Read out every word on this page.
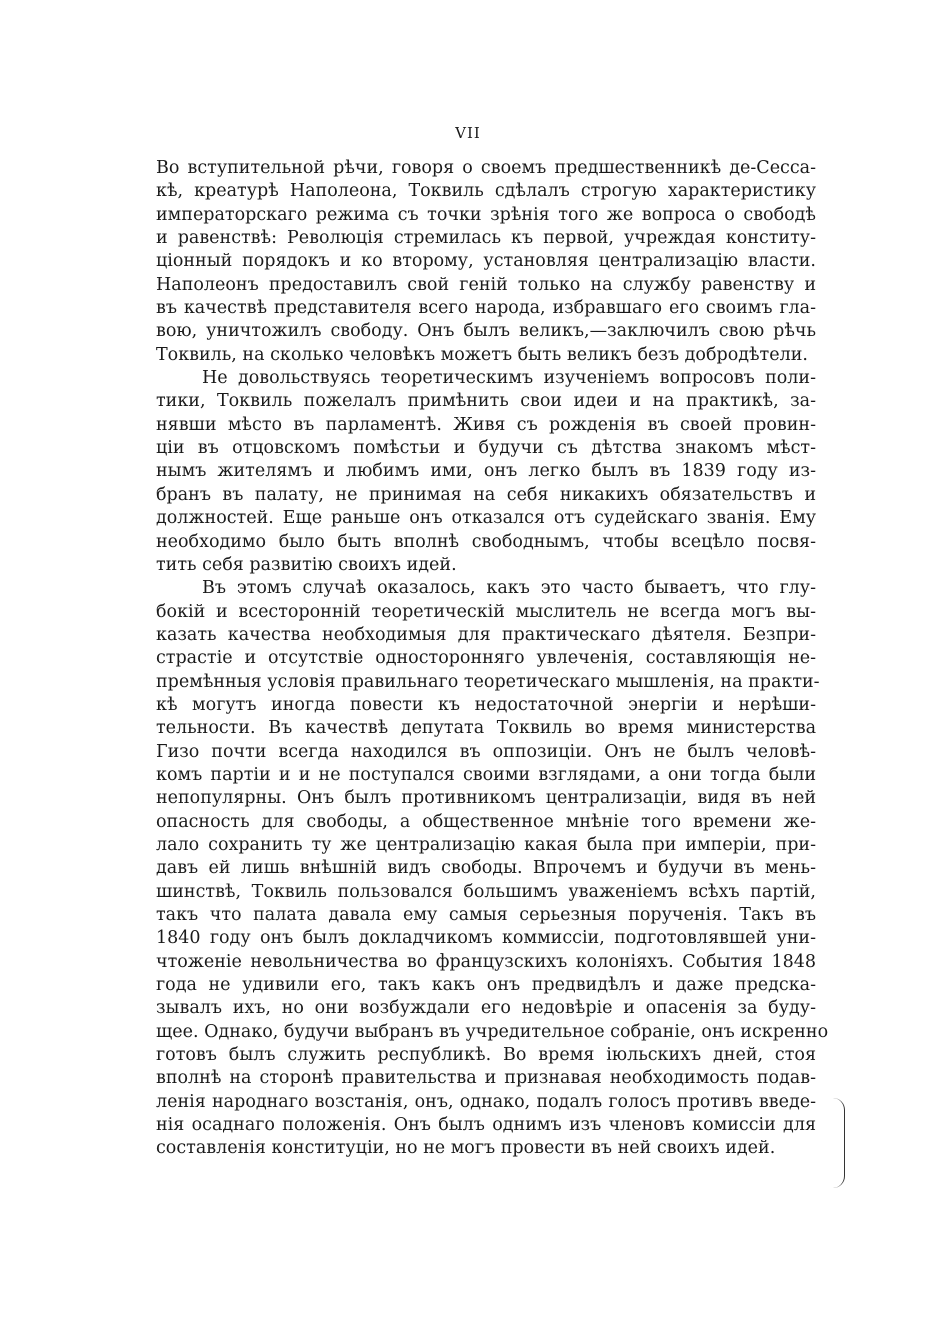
VII
Во вступительной рѣчи, говоря о своемъ предшественникѣ де-Сесса-
кѣ, креатурѣ Наполеона, Токвиль сдѣлалъ строгую характеристику
императорскаго режима съ точки зрѣнія того же вопроса о свободѣ
и равенствѣ: Революція стремилась къ первой, учреждая конститу-
ціонный порядокъ и ко второму, установляя централизацію власти.
Наполеонъ предоставилъ свой геній только на службу равенству и
въ качествѣ представителя всего народа, избравшаго его своимъ гла-
вою, уничтожилъ свободу. Онъ былъ великъ,—заключилъ свою рѣчь
Токвиль, на сколько человѣкъ можетъ быть великъ безъ добродѣтели.
Не довольствуясь теоретическимъ изученіемъ вопросовъ поли-
тики, Токвиль пожелалъ примѣнить свои идеи и на практикѣ, за-
нявши мѣсто въ парламентѣ. Живя съ рожденія въ своей провин-
ціи въ отцовскомъ помѣстьи и будучи съ дѣтства знакомъ мѣст-
нымъ жителямъ и любимъ ими, онъ легко былъ въ 1839 году из-
бранъ въ палату, не принимая на себя никакихъ обязательствъ и
должностей. Еще раньше онъ отказался отъ судейскаго званія. Ему
необходимо было быть вполнѣ свободнымъ, чтобы всецѣло посвя-
тить себя развитію своихъ идей.
Въ этомъ случаѣ оказалось, какъ это часто бываетъ, что глу-
бокій и всесторонній теоретическій мыслитель не всегда могъ вы-
казать качества необходимыя для практическаго дѣятеля. Безпри-
страстіе и отсутствіе односторонняго увлеченія, составляющія не-
премѣнныя условія правильнаго теоретическаго мышленія, на практи-
кѣ могутъ иногда повести къ недостаточной энергіи и нерѣши-
тельности. Въ качествѣ депутата Токвиль во время министерства
Гизо почти всегда находился въ оппозиціи. Онъ не былъ человѣ-
комъ партіи и и не поступался своими взглядами, а они тогда были
непопулярны. Онъ былъ противникомъ централизаціи, видя въ ней
опасность для свободы, а общественное мнѣніе того времени же-
лало сохранить ту же централизацію какая была при имперіи, при-
давъ ей лишь внѣшній видъ свободы. Впрочемъ и будучи въ мень-
шинствѣ, Токвиль пользовался большимъ уваженіемъ всѣхъ партій,
такъ что палата давала ему самыя серьезныя порученія. Такъ въ
1840 году онъ былъ докладчикомъ коммиссіи, подготовлявшей уни-
чтоженіе невольничества во французскихъ колоніяхъ. События 1848
года не удивили его, такъ какъ онъ предвидѣлъ и даже предска-
зывалъ ихъ, но они возбуждали его недовѣріе и опасенія за буду-
щее. Однако, будучи выбранъ въ учредительное собраніе, онъ искренно
готовъ былъ служить республикѣ. Во время іюльскихъ дней, стоя
вполнѣ на сторонѣ правительства и признавая необходимость подав-
ленія народнаго возстанія, онъ, однако, подалъ голосъ противъ введе-
нія осаднаго положенія. Онъ былъ однимъ изъ членовъ комиссіи для
составленія конституціи, но не могъ провести въ ней своихъ идей.
